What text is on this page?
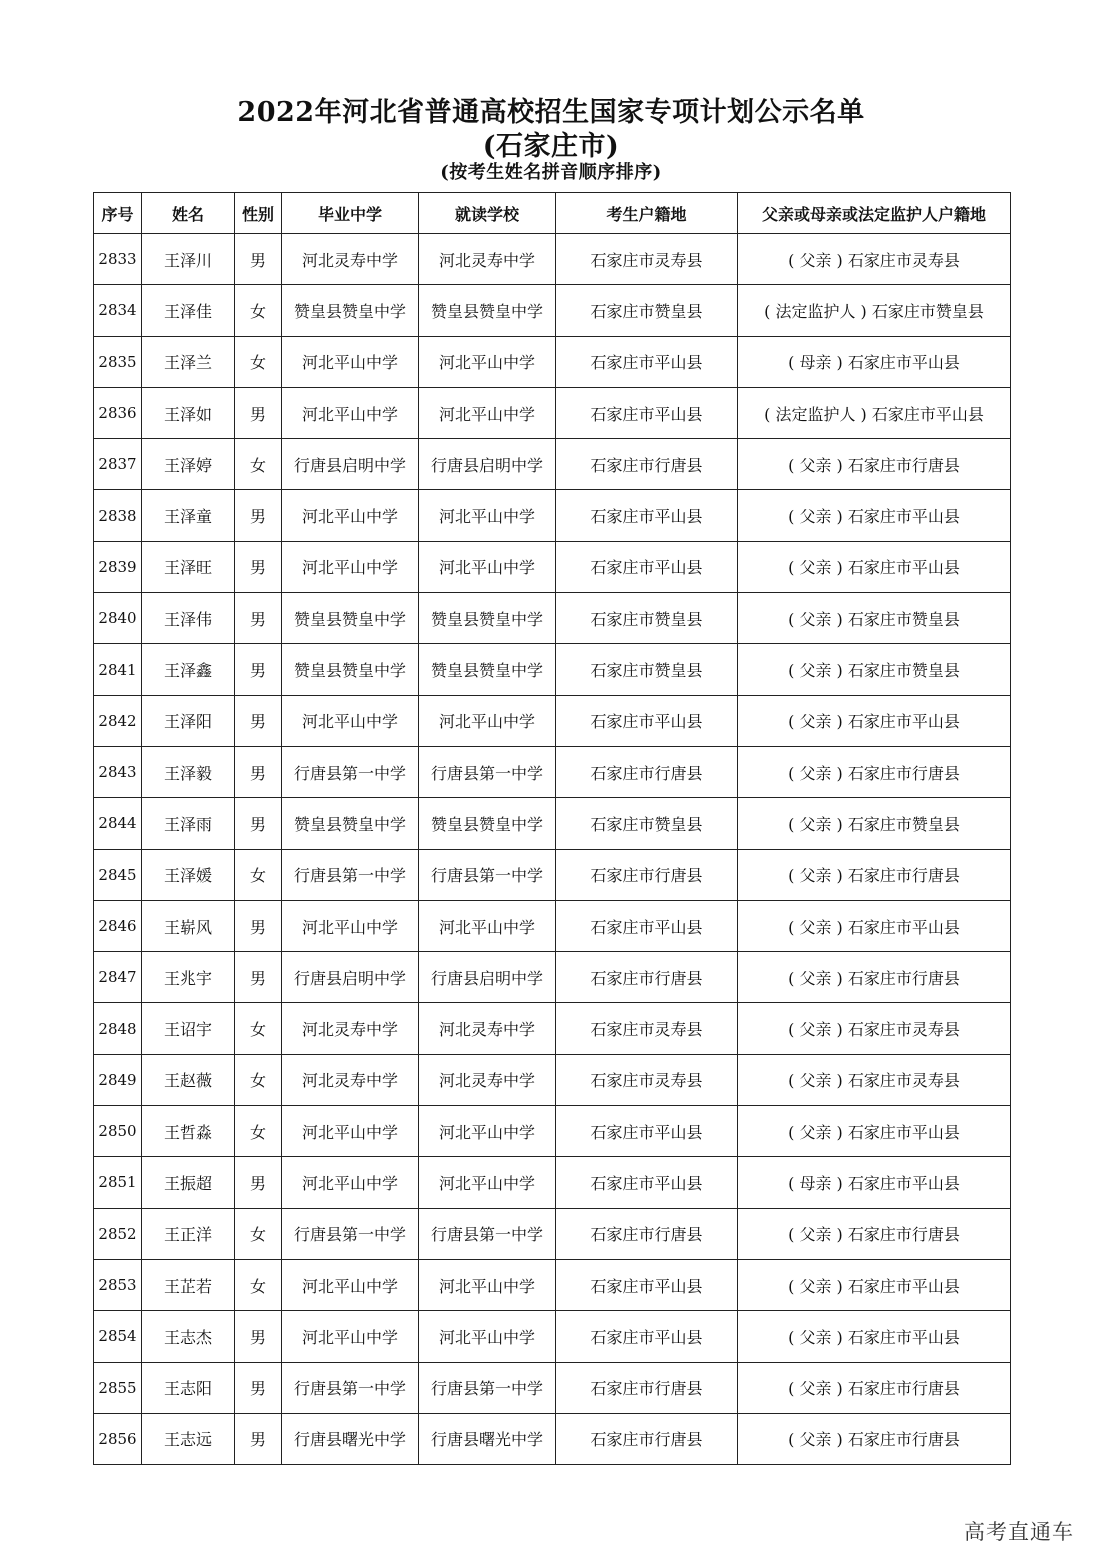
2022年河北省普通高校招生国家专项计划公示名单
(石家庄市)
(按考生姓名拼音顺序排序)
序号	姓名	性别	毕业中学	就读学校	考生户籍地	父亲或母亲或法定监护人户籍地
2833	王泽川	男	河北灵寿中学	河北灵寿中学	石家庄市灵寿县	( 父亲 ) 石家庄市灵寿县
2834	王泽佳	女	赞皇县赞皇中学	赞皇县赞皇中学	石家庄市赞皇县	( 法定监护人 ) 石家庄市赞皇县
2835	王泽兰	女	河北平山中学	河北平山中学	石家庄市平山县	( 母亲 ) 石家庄市平山县
2836	王泽如	男	河北平山中学	河北平山中学	石家庄市平山县	( 法定监护人 ) 石家庄市平山县
2837	王泽婷	女	行唐县启明中学	行唐县启明中学	石家庄市行唐县	( 父亲 ) 石家庄市行唐县
2838	王泽童	男	河北平山中学	河北平山中学	石家庄市平山县	( 父亲 ) 石家庄市平山县
2839	王泽旺	男	河北平山中学	河北平山中学	石家庄市平山县	( 父亲 ) 石家庄市平山县
2840	王泽伟	男	赞皇县赞皇中学	赞皇县赞皇中学	石家庄市赞皇县	( 父亲 ) 石家庄市赞皇县
2841	王泽鑫	男	赞皇县赞皇中学	赞皇县赞皇中学	石家庄市赞皇县	( 父亲 ) 石家庄市赞皇县
2842	王泽阳	男	河北平山中学	河北平山中学	石家庄市平山县	( 父亲 ) 石家庄市平山县
2843	王泽毅	男	行唐县第一中学	行唐县第一中学	石家庄市行唐县	( 父亲 ) 石家庄市行唐县
2844	王泽雨	男	赞皇县赞皇中学	赞皇县赞皇中学	石家庄市赞皇县	( 父亲 ) 石家庄市赞皇县
2845	王泽媛	女	行唐县第一中学	行唐县第一中学	石家庄市行唐县	( 父亲 ) 石家庄市行唐县
2846	王崭风	男	河北平山中学	河北平山中学	石家庄市平山县	( 父亲 ) 石家庄市平山县
2847	王兆宇	男	行唐县启明中学	行唐县启明中学	石家庄市行唐县	( 父亲 ) 石家庄市行唐县
2848	王诏宇	女	河北灵寿中学	河北灵寿中学	石家庄市灵寿县	( 父亲 ) 石家庄市灵寿县
2849	王赵薇	女	河北灵寿中学	河北灵寿中学	石家庄市灵寿县	( 父亲 ) 石家庄市灵寿县
2850	王哲淼	女	河北平山中学	河北平山中学	石家庄市平山县	( 父亲 ) 石家庄市平山县
2851	王振超	男	河北平山中学	河北平山中学	石家庄市平山县	( 母亲 ) 石家庄市平山县
2852	王正洋	女	行唐县第一中学	行唐县第一中学	石家庄市行唐县	( 父亲 ) 石家庄市行唐县
2853	王芷若	女	河北平山中学	河北平山中学	石家庄市平山县	( 父亲 ) 石家庄市平山县
2854	王志杰	男	河北平山中学	河北平山中学	石家庄市平山县	( 父亲 ) 石家庄市平山县
2855	王志阳	男	行唐县第一中学	行唐县第一中学	石家庄市行唐县	( 父亲 ) 石家庄市行唐县
2856	王志远	男	行唐县曙光中学	行唐县曙光中学	石家庄市行唐县	( 父亲 ) 石家庄市行唐县
高考直通车
